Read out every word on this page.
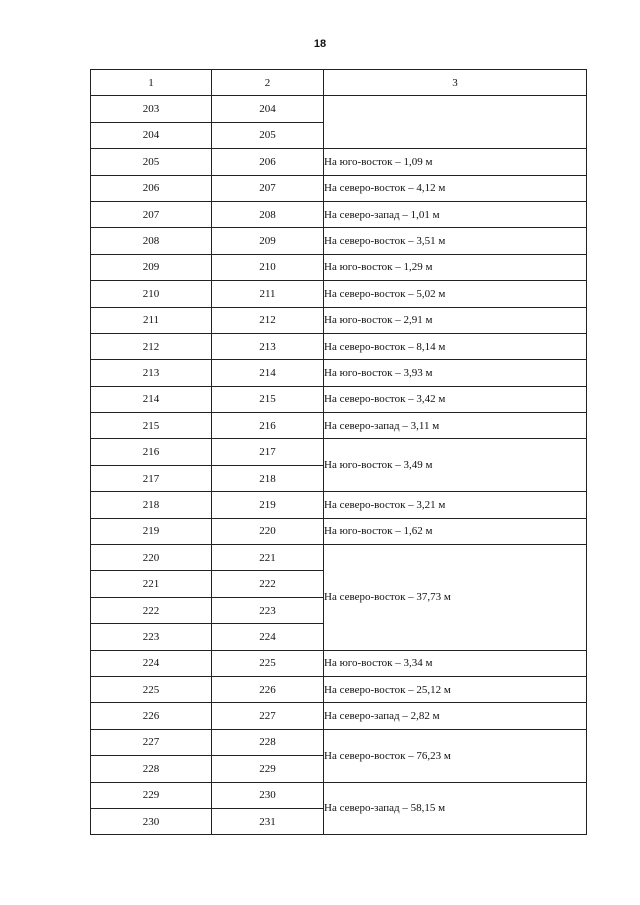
18
1	2	3
203	204	
204	205	
205	206	На юго-восток – 1,09 м
206	207	На северо-восток – 4,12 м
207	208	На северо-запад – 1,01 м
208	209	На северо-восток – 3,51 м
209	210	На юго-восток – 1,29 м
210	211	На северо-восток – 5,02 м
211	212	На юго-восток – 2,91 м
212	213	На северо-восток – 8,14 м
213	214	На юго-восток – 3,93 м
214	215	На северо-восток – 3,42 м
215	216	На северо-запад – 3,11 м
216	217	На юго-восток – 3,49 м
217	218	
218	219	На северо-восток – 3,21 м
219	220	На юго-восток – 1,62 м
220	221	На северо-восток – 37,73 м
221	222	
222	223	
223	224	
224	225	На юго-восток – 3,34 м
225	226	На северо-восток – 25,12 м
226	227	На северо-запад – 2,82 м
227	228	На северо-восток – 76,23 м
228	229	
229	230	На северо-запад – 58,15 м
230	231	
